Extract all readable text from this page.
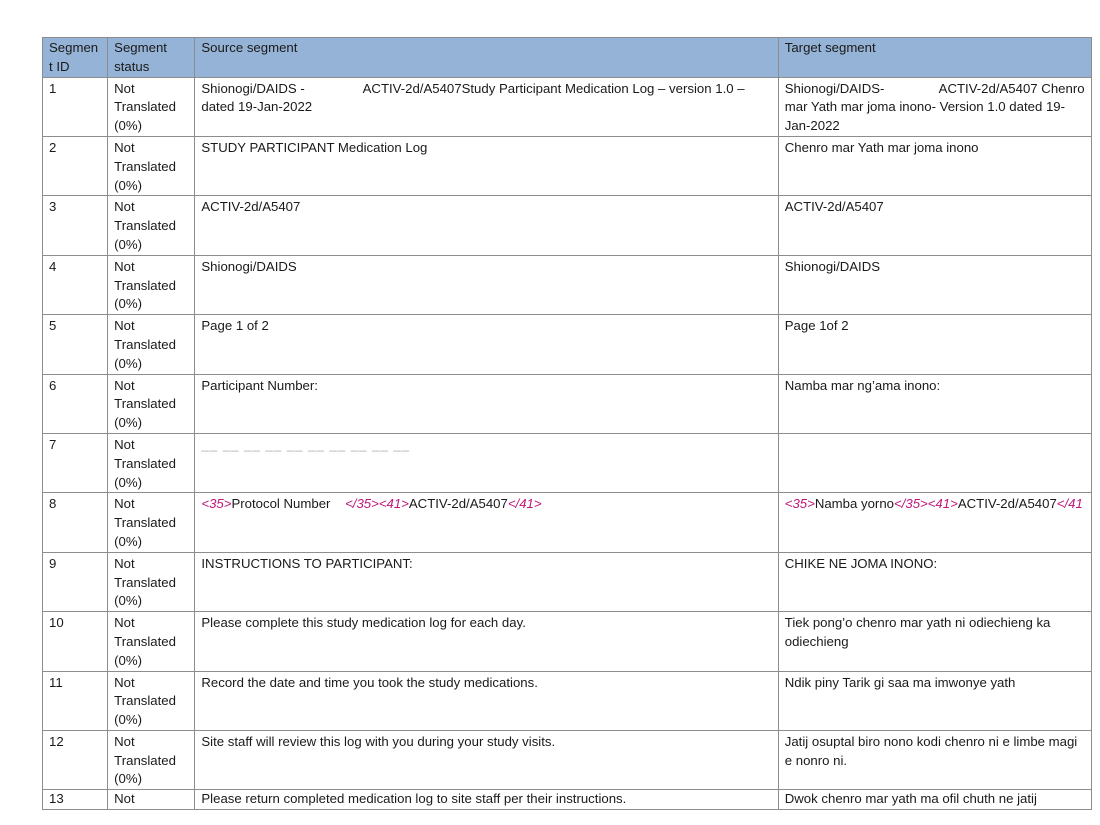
Segment ID	Segment status	Source segment	Target segment
1	Not Translated (0%)	Shionogi/DAIDS -                ACTIV-2d/A5407Study Participant Medication Log – version 1.0 – dated 19-Jan-2022	Shionogi/DAIDS-               ACTIV-2d/A5407 Chenro mar Yath mar joma inono- Version 1.0 dated 19-Jan-2022
2	Not Translated (0%)	STUDY PARTICIPANT Medication Log	Chenro mar Yath mar joma inono
3	Not Translated (0%)	ACTIV-2d/A5407	ACTIV-2d/A5407
4	Not Translated (0%)	Shionogi/DAIDS	Shionogi/DAIDS
5	Not Translated (0%)	Page 1 of 2	Page 1of 2
6	Not Translated (0%)	Participant Number:	Namba mar ng’ama inono:
7	Not Translated (0%)	__ __ __ __ __ __ __ __ __ __	
8	Not Translated (0%)	<35>Protocol Number    </35><41>ACTIV-2d/A5407</41>	<35>Namba yorno</35><41>ACTIV-2d/A5407</41
9	Not Translated (0%)	INSTRUCTIONS TO PARTICIPANT:	CHIKE NE JOMA INONO:
10	Not Translated (0%)	Please complete this study medication log for each day.	Tiek pong’o chenro mar yath ni odiechieng ka odiechieng
11	Not Translated (0%)	Record the date and time you took the study medications.	Ndik piny Tarik gi saa ma imwonye yath
12	Not Translated (0%)	Site staff will review this log with you during your study visits.	Jatij osuptal biro nono kodi chenro ni e limbe magi e nonro ni.
13	Not	Please return completed medication log to site staff per their instructions.	Dwok chenro mar yath ma ofil chuth ne jatij
